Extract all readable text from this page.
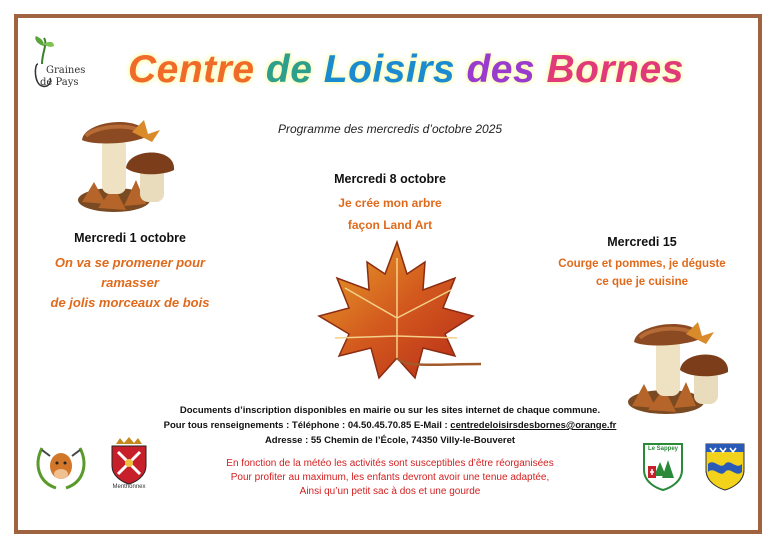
Graines
de Pays Centre de Loisirs des Bornes
Programme des mercredis d’octobre 2025
Mercredi 1 octobre
On va se promener pour
ramasser
de jolis morceaux de bois
Mercredi 8 octobre
Je crée mon arbre
façon Land Art
Mercredi 15
Courge et pommes, je déguste
ce que je cuisine
Documents d’inscription disponibles en mairie ou sur les sites internet de chaque commune.
Pour tous renseignements : Téléphone : 04.50.45.70.85 E-Mail : centredeloisirsdesbornes@orange.fr
Adresse : 55 Chemin de l’École, 74350 Villy-le-Bouveret
En fonction de la météo les activités sont susceptibles d’être réorganisées
Pour profiter au maximum, les enfants devront avoir une tenue adaptée,
Ainsi qu’un petit sac à dos et une gourde
Menthonnex
Le Sappey
